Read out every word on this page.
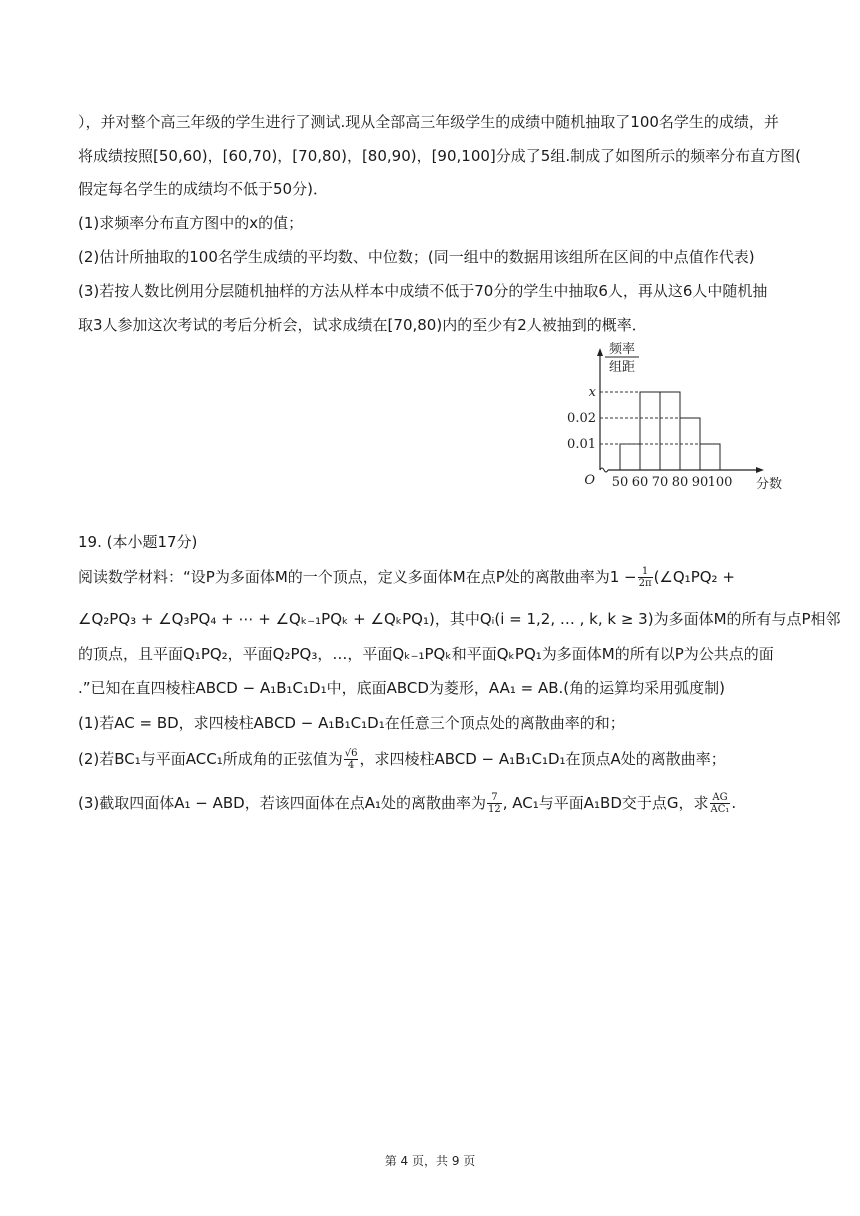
），并对整个高三年级的学生进行了测试.现从全部高三年级学生的成绩中随机抽取了100名学生的成绩，并
将成绩按照[50,60)，[60,70)，[70,80)，[80,90)，[90,100]分成了5组.制成了如图所示的频率分布直方图(
假定每名学生的成绩均不低于50分)．
(1)求频率分布直方图中的x的值；
(2)估计所抽取的100名学生成绩的平均数、中位数；(同一组中的数据用该组所在区间的中点值作代表)
(3)若按人数比例用分层随机抽样的方法从样本中成绩不低于70分的学生中抽取6人，再从这6人中随机抽
取3人参加这次考试的考后分析会，试求成绩在[70,80)内的至少有2人被抽到的概率．
0.01
0.02
x
频率
组距
O 50 60 70 80 90 100 分数
19. (本小题17分)
阅读数学材料：“设P为多面体M的一个顶点，定义多面体M在点P处的离散曲率为$1 - \frac{1}{2\pi}$ (∠Q₁PQ₂ +
∠Q₂PQ₃ + ∠Q₃PQ₄ + ⋯ + ∠Qₖ₋₁PQₖ + ∠QₖPQ₁)，其中Qᵢ(i = 1,2, … , k, k ≥ 3)为多面体M的所有与点P相邻
的顶点，且平面Q₁PQ₂，平面Q₂PQ₃，…，平面Qₖ₋₁PQₖ和平面QₖPQ₁为多面体M的所有以P为公共点的面
.”已知在直四棱柱ABCD − A₁B₁C₁D₁中，底面ABCD为菱形，AA₁ = AB.(角的运算均采用弧度制)
(1)若AC = BD，求四棱柱ABCD − A₁B₁C₁D₁在任意三个顶点处的离散曲率的和；
(2)若BC₁与平面ACC₁所成角的正弦值为 $\frac{√6}{4}$ ，求四棱柱ABCD − A₁B₁C₁D₁在顶点A处的离散曲率；
(3)截取四面体A₁ − ABD，若该四面体在点A₁处的离散曲率为 $\frac{7}{12}$ , AC₁与平面A₁BD交于点G，求 $\frac{AG}{\text{AC₁}}$ .
第 4 页，共 9 页
